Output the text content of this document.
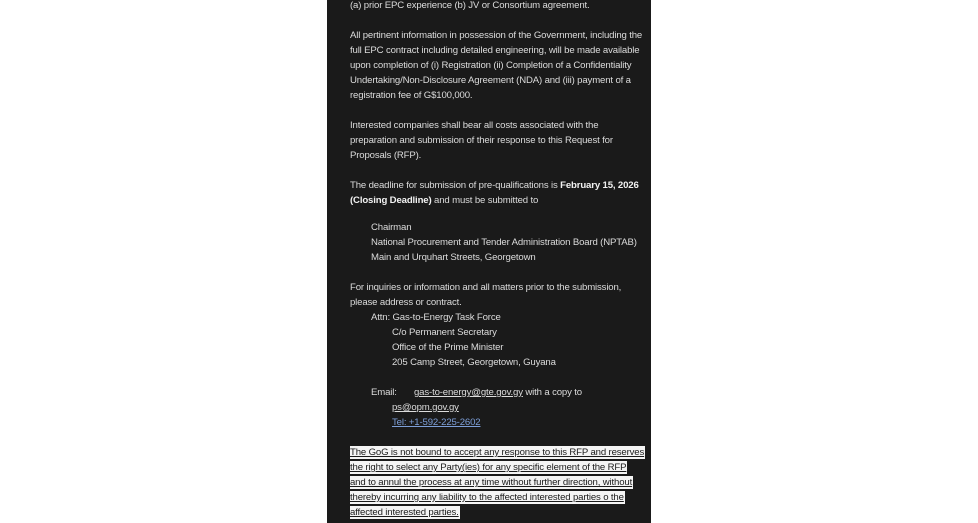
(a) prior EPC experience (b) JV or Consortium agreement.
All pertinent information in possession of the Government, including the
full EPC contract including detailed engineering, will be made available
upon completion of (i) Registration (ii) Completion of a Confidentiality
Undertaking/Non-Disclosure Agreement (NDA) and (iii) payment of a
registration fee of G$100,000.
Interested companies shall bear all costs associated with the
preparation and submission of their response to this Request for
Proposals (RFP).
The deadline for submission of pre-qualifications is February 15, 2026
(Closing Deadline) and must be submitted to
Chairman
National Procurement and Tender Administration Board (NPTAB)
Main and Urquhart Streets, Georgetown
For inquiries or information and all matters prior to the submission,
please address or contract.
Attn: Gas-to-Energy Task Force
C/o Permanent Secretary
Office of the Prime Minister
205 Camp Street, Georgetown, Guyana
Email: gas-to-energy@gte.gov.gy with a copy to
ps@opm.gov.gy
Tel: +1-592-225-2602
The GoG is not bound to accept any response to this RFP and reserves
the right to select any Party(ies) for any specific element of the RFP
and to annul the process at any time without further direction, without
thereby incurring any liability to the affected interested parties o the
affected interested parties.
